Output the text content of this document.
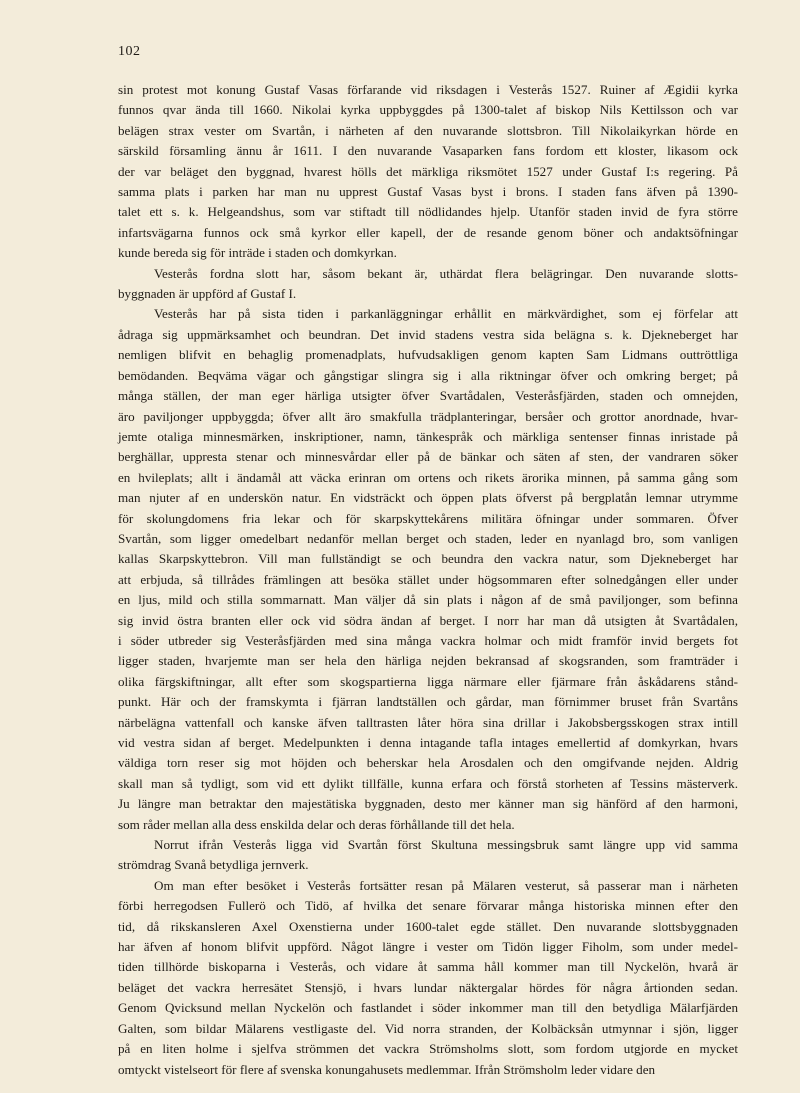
102
sin protest mot konung Gustaf Vasas förfarande vid riksdagen i Vesterås 1527. Ruiner af Ægidii kyrka
funnos qvar ända till 1660. Nikolai kyrka uppbyggdes på 1300-talet af biskop Nils Kettilsson och var
belägen strax vester om Svartån, i närheten af den nuvarande slottsbron. Till Nikolaikyrkan hörde en
särskild församling ännu år 1611. I den nuvarande Vasaparken fans fordom ett kloster, likasom ock
der var beläget den byggnad, hvarest hölls det märkliga riksmötet 1527 under Gustaf I:s regering. På
samma plats i parken har man nu upprest Gustaf Vasas byst i brons. I staden fans äfven på 1390-
talet ett s. k. Helgeandshus, som var stiftadt till nödlidandes hjelp. Utanför staden invid de fyra större
infartsvägarna funnos ock små kyrkor eller kapell, der de resande genom böner och andaktsöfningar
kunde bereda sig för inträde i staden och domkyrkan.
Vesterås fordna slott har, såsom bekant är, uthärdat flera belägringar. Den nuvarande slotts-
byggnaden är uppförd af Gustaf I.
Vesterås har på sista tiden i parkanläggningar erhållit en märkvärdighet, som ej förfelar att
ådraga sig uppmärksamhet och beundran. Det invid stadens vestra sida belägna s. k. Djekneberget har
nemligen blifvit en behaglig promenadplats, hufvudsakligen genom kapten Sam Lidmans outtröttliga
bemödanden. Beqväma vägar och gångstigar slingra sig i alla riktningar öfver och omkring berget; på
många ställen, der man eger härliga utsigter öfver Svartådalen, Vesteråsfjärden, staden och omnejden,
äro paviljonger uppbyggda; öfver allt äro smakfulla trädplanteringar, bersåer och grottor anordnade, hvar-
jemte otaliga minnesmärken, inskriptioner, namn, tänkespråk och märkliga sentenser finnas inristade på
berghällar, uppresta stenar och minnesvårdar eller på de bänkar och säten af sten, der vandraren söker
en hvileplats; allt i ändamål att väcka erinran om ortens och rikets ärorika minnen, på samma gång som
man njuter af en underskön natur. En vidsträckt och öppen plats öfverst på bergplatån lemnar utrymme
för skolungdomens fria lekar och för skarpskyttekårens militära öfningar under sommaren. Öfver
Svartån, som ligger omedelbart nedanför mellan berget och staden, leder en nyanlagd bro, som vanligen
kallas Skarpskyttebron. Vill man fullständigt se och beundra den vackra natur, som Djekneberget har
att erbjuda, så tillrådes främlingen att besöka stället under högsommaren efter solnedgången eller under
en ljus, mild och stilla sommarnatt. Man väljer då sin plats i någon af de små paviljonger, som befinna
sig invid östra branten eller ock vid södra ändan af berget. I norr har man då utsigten åt Svartådalen,
i söder utbreder sig Vesteråsfjärden med sina många vackra holmar och midt framför invid bergets fot
ligger staden, hvarjemte man ser hela den härliga nejden bekransad af skogsranden, som framträder i
olika färgskiftningar, allt efter som skogspartierna ligga närmare eller fjärmare från åskådarens stånd-
punkt. Här och der framskymta i fjärran landtställen och gårdar, man förnimmer bruset från Svartåns
närbelägna vattenfall och kanske äfven talltrasten låter höra sina drillar i Jakobsbergsskogen strax intill
vid vestra sidan af berget. Medelpunkten i denna intagande tafla intages emellertid af domkyrkan, hvars
väldiga torn reser sig mot höjden och beherskar hela Arosdalen och den omgifvande nejden. Aldrig
skall man så tydligt, som vid ett dylikt tillfälle, kunna erfara och förstå storheten af Tessins mästerverk.
Ju längre man betraktar den majestätiska byggnaden, desto mer känner man sig hänförd af den harmoni,
som råder mellan alla dess enskilda delar och deras förhållande till det hela.
Norrut ifrån Vesterås ligga vid Svartån först Skultuna messingsbruk samt längre upp vid samma
strömdrag Svanå betydliga jernverk.
Om man efter besöket i Vesterås fortsätter resan på Mälaren vesterut, så passerar man i närheten
förbi herregodsen Fullerö och Tidö, af hvilka det senare förvarar många historiska minnen efter den
tid, då rikskansleren Axel Oxenstierna under 1600-talet egde stället. Den nuvarande slottsbyggnaden
har äfven af honom blifvit uppförd. Något längre i vester om Tidön ligger Fiholm, som under medel-
tiden tillhörde biskoparna i Vesterås, och vidare åt samma håll kommer man till Nyckelön, hvarå är
beläget det vackra herresätet Stensjö, i hvars lundar näktergalar hördes för några årtionden sedan.
Genom Qvicksund mellan Nyckelön och fastlandet i söder inkommer man till den betydliga Mälarfjärden
Galten, som bildar Mälarens vestligaste del. Vid norra stranden, der Kolbäcksån utmynnar i sjön, ligger
på en liten holme i sjelfva strömmen det vackra Strömsholms slott, som fordom utgjorde en mycket
omtyckt vistelseort för flere af svenska konungahusets medlemmar. Ifrån Strömsholm leder vidare den
